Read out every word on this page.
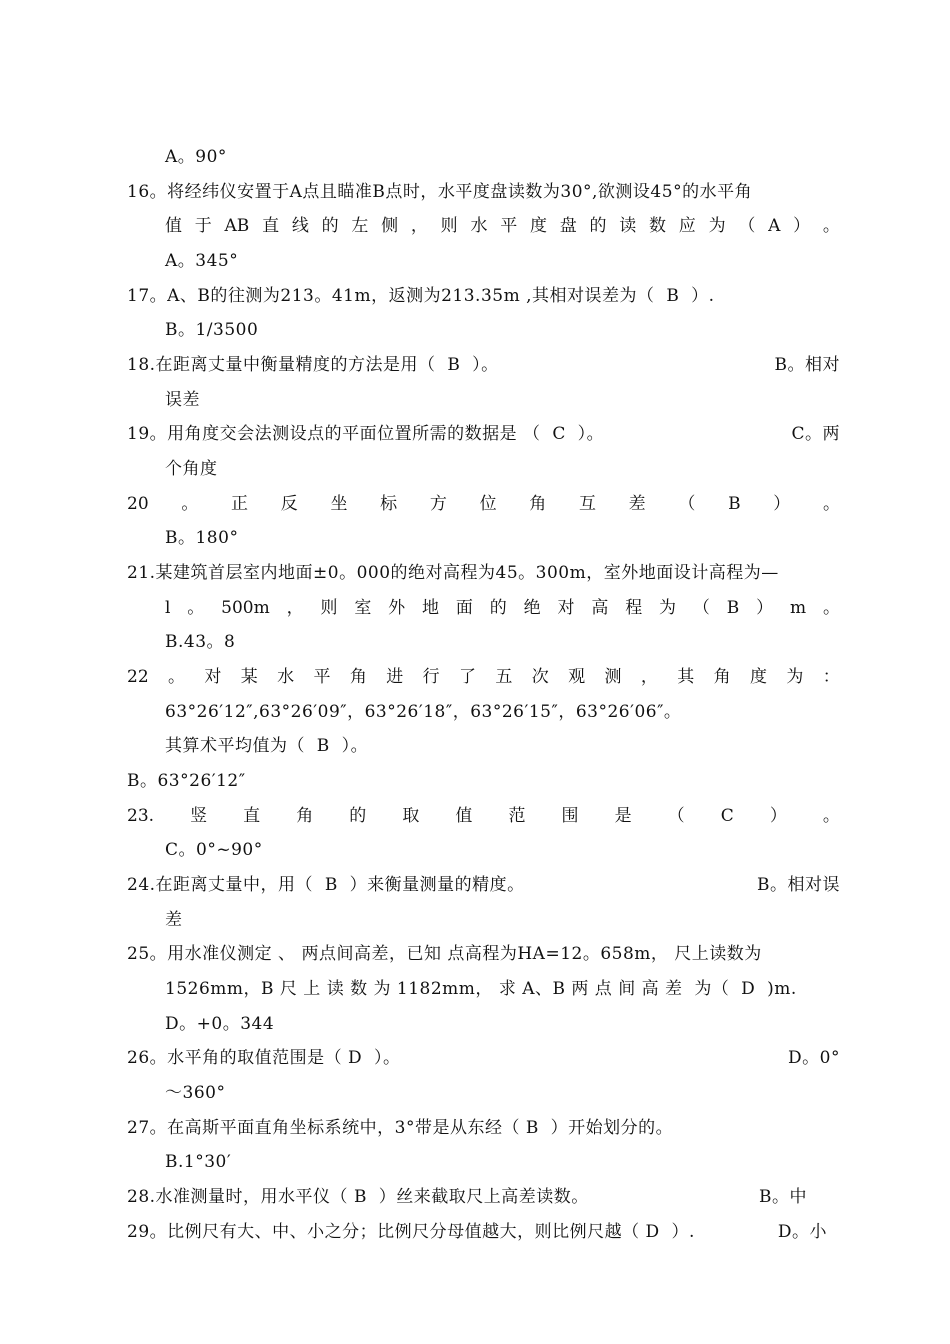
A。90°
16。将经纬仪安置于A点且瞄准B点时，水平度盘读数为30°,欲测设45°的水平角
值 于 AB 直 线 的 左 侧 ， 则 水 平 度 盘 的 读 数 应 为 （ A ） 。
A。345°
17。A、B的往测为213。41m，返测为213.35m ,其相对误差为（  B  ）.
B。1/3500
18.在距离丈量中衡量精度的方法是用（  B  ）。	B。相对
误差
19。用角度交会法测设点的平面位置所需的数据是 （  C  ）。	C。两
个角度
20 。 正 反 坐 标 方 位 角 互 差 （ B ） 。
B。180°
21.某建筑首层室内地面±0。000的绝对高程为45。300m，室外地面设计高程为—
l 。 500m ， 则 室 外 地 面 的 绝 对 高 程 为 （ B ） m 。
B.43。8
22 。 对 某 水 平 角 进 行 了 五 次 观 测 ， 其 角 度 为 ：
63°26′12″,63°26′09″，63°26′18″，63°26′15″，63°26′06″。
其算术平均值为（  B  ）。
B。63°26′12″
23. 竖 直 角 的 取 值 范 围 是 （ C ） 。
C。0°~90°
24.在距离丈量中，用（  B  ）来衡量测量的精度。	B。相对误
差
25。用水准仪测定 、 两点间高差，已知 点高程为HA=12。658m， 尺上读数为
1526mm，B 尺 上 读 数 为 1182mm， 求 A、B 两 点 间 高 差  为（  D  )m.
D。+0。344
26。水平角的取值范围是（ D  ）。	D。0°
～360°
27。在高斯平面直角坐标系统中，3°带是从东经（ B  ）开始划分的。
B.1°30′
28.水准测量时，用水平仪（ B  ）丝来截取尺上高差读数。	B。中
29。比例尺有大、中、小之分；比例尺分母值越大，则比例尺越（ D  ）.	D。小
